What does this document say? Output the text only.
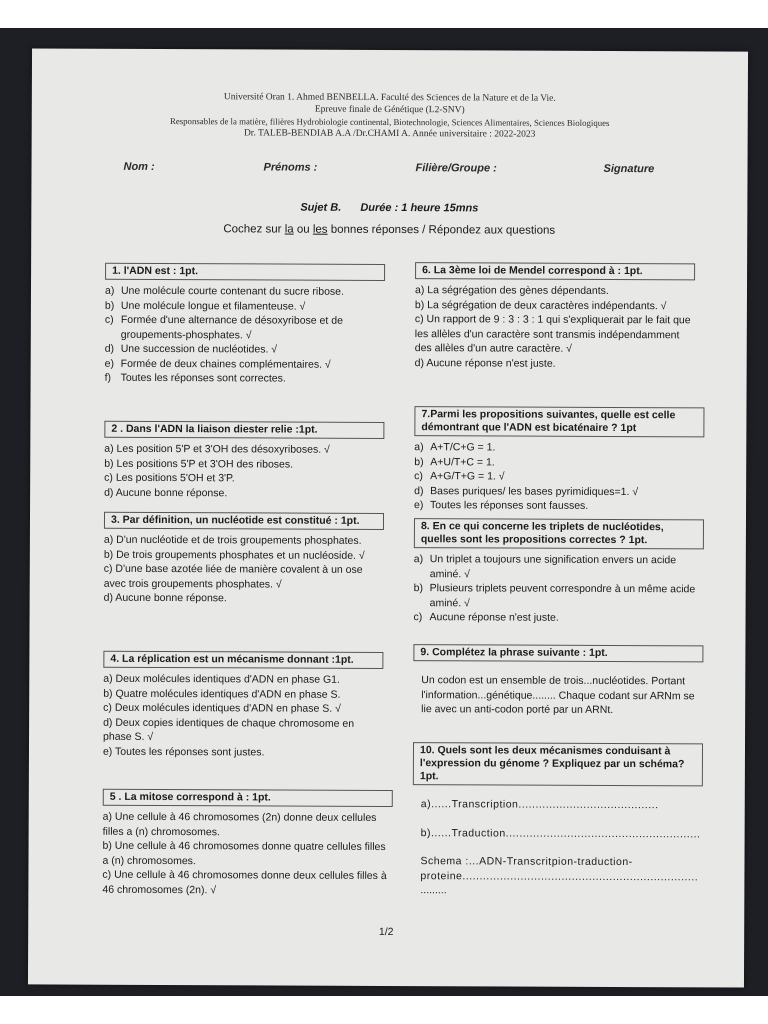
Université Oran 1. Ahmed BENBELLA. Faculté des Sciences de la Nature et de la Vie.
Epreuve finale de Génétique (L2-SNV)
Responsables de la matière, filières Hydrobiologie continental, Biotechnologie, Sciences Alimentaires, Sciences Biologiques
Dr. TALEB-BENDIAB A.A /Dr.CHAMI A. Année universitaire : 2022-2023
Nom :	Prénoms :	Filière/Groupe :	Signature
Sujet B. Durée : 1 heure 15mns
Cochez sur la ou les bonnes réponses / Répondez aux questions
1. l'ADN est : 1pt.
a) Une molécule courte contenant du sucre ribose.
b) Une molécule longue et filamenteuse. √
c) Formée d'une alternance de désoxyribose et de groupements-phosphates. √
d) Une succession de nucléotides. √
e) Formée de deux chaines complémentaires. √
f) Toutes les réponses sont correctes.
2 . Dans l'ADN la liaison diester relie :1pt.
a) Les position 5'P et 3'OH des désoxyriboses. √
b) Les positions 5'P et 3'OH des riboses.
c) Les positions 5'OH et 3'P.
d) Aucune bonne réponse.
3. Par définition, un nucléotide est constitué : 1pt.
a) D'un nucléotide et de trois groupements phosphates.
b) De trois groupements phosphates et un nucléoside. √
c) D'une base azotée liée de manière covalent à un ose avec trois groupements phosphates. √
d) Aucune bonne réponse.
4. La réplication est un mécanisme donnant :1pt.
a) Deux molécules identiques d'ADN en phase G1.
b) Quatre molécules identiques d'ADN en phase S.
c) Deux molécules identiques d'ADN en phase S. √
d) Deux copies identiques de chaque chromosome en phase S. √
e) Toutes les réponses sont justes.
5 . La mitose correspond à : 1pt.
a) Une cellule à 46 chromosomes (2n) donne deux cellules filles a (n) chromosomes.
b) Une cellule à 46 chromosomes donne quatre cellules filles a (n) chromosomes.
c) Une cellule à 46 chromosomes donne deux cellules filles à 46 chromosomes (2n). √
6. La 3ème loi de Mendel correspond à : 1pt.
a) La ségrégation des gènes dépendants.
b) La ségrégation de deux caractères indépendants. √
c) Un rapport de 9 : 3 : 3 : 1 qui s'expliquerait par le fait que les allèles d'un caractère sont transmis indépendamment des allèles d'un autre caractère. √
d) Aucune réponse n'est juste.
7.Parmi les propositions suivantes, quelle est celle démontrant que l'ADN est bicaténaire ? 1pt
a) A+T/C+G = 1.
b) A+U/T+C = 1.
c) A+G/T+G = 1. √
d) Bases puriques/ les bases pyrimidiques=1. √
e) Toutes les réponses sont fausses.
8. En ce qui concerne les triplets de nucléotides, quelles sont les propositions correctes ? 1pt.
a) Un triplet a toujours une signification envers un acide aminé. √
b) Plusieurs triplets peuvent correspondre à un même acide aminé. √
c) Aucune réponse n'est juste.
9. Complétez la phrase suivante : 1pt.
Un codon est un ensemble de trois...nucléotides. Portant l'information...génétique........ Chaque codant sur ARNm se lie avec un anti-codon porté par un ARNt.
10. Quels sont les deux mécanismes conduisant à l'expression du génome ? Expliquez par un schéma? 1pt.
a)......Transcription.........................................
b)......Traduction.........................................................
Schema :...ADN-Transcritpion-traduction-proteine.....................................................................
.........
1/2
